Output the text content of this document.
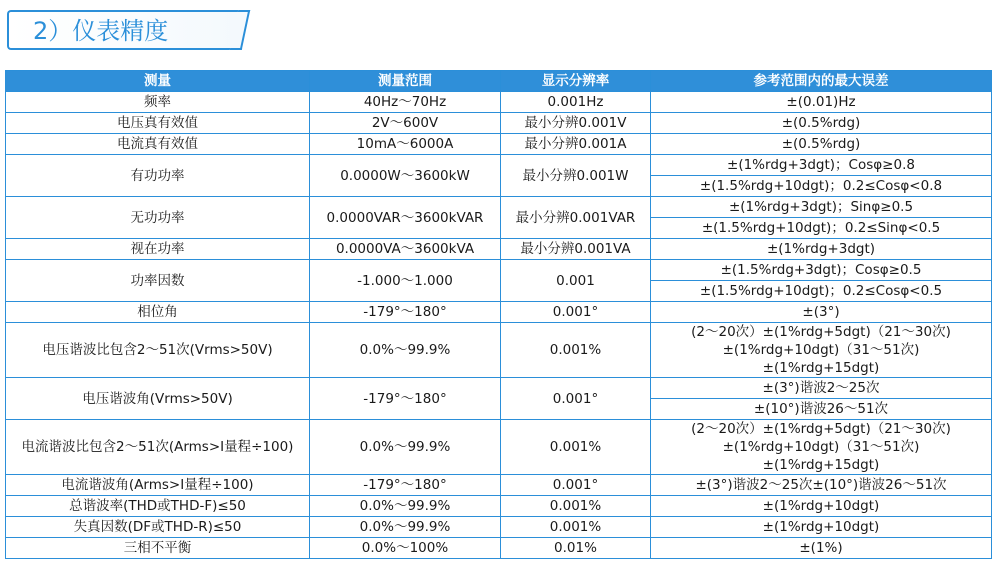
2）仪表精度
测量	测量范围	显示分辨率	参考范围内的最大误差
频率	40Hz～70Hz	0.001Hz	±(0.01)Hz
电压真有效值	2V～600V	最小分辨0.001V	±(0.5%rdg)
电流真有效值	10mA～6000A	最小分辨0.001A	±(0.5%rdg)
有功功率	0.0000W～3600kW	最小分辨0.001W	±(1%rdg+3dgt)；Cosφ≥0.8
			±(1.5%rdg+10dgt)；0.2≤Cosφ<0.8
无功功率	0.0000VAR～3600kVAR	最小分辨0.001VAR	±(1%rdg+3dgt)；Sinφ≥0.5
			±(1.5%rdg+10dgt)；0.2≤Sinφ<0.5
视在功率	0.0000VA～3600kVA	最小分辨0.001VA	±(1%rdg+3dgt)
功率因数	-1.000～1.000	0.001	±(1.5%rdg+3dgt)；Cosφ≥0.5
			±(1.5%rdg+10dgt)；0.2≤Cosφ<0.5
相位角	-179°～180°	0.001°	±(3°)
电压谐波比包含2～51次(Vrms>50V)	0.0%～99.9%	0.001%	(2～20次）±(1%rdg+5dgt)（21～30次)
±(1%rdg+10dgt)（31～51次)
±(1%rdg+15dgt)

电压谐波角(Vrms>50V)	-179°～180°	0.001°	±(3°)谐波2～25次
			±(10°)谐波26～51次
电流谐波比包含2～51次(Arms>I量程÷100)	0.0%～99.9%	0.001%	(2～20次）±(1%rdg+5dgt)（21～30次)
±(1%rdg+10dgt)（31～51次)
±(1%rdg+15dgt)

电流谐波角(Arms>I量程÷100)	-179°～180°	0.001°	±(3°)谐波2～25次±(10°)谐波26～51次
总谐波率(THD或THD-F)≤50	0.0%～99.9%	0.001%	±(1%rdg+10dgt)
失真因数(DF或THD-R)≤50	0.0%～99.9%	0.001%	±(1%rdg+10dgt)
三相不平衡	0.0%～100%	0.01%	±(1%)
